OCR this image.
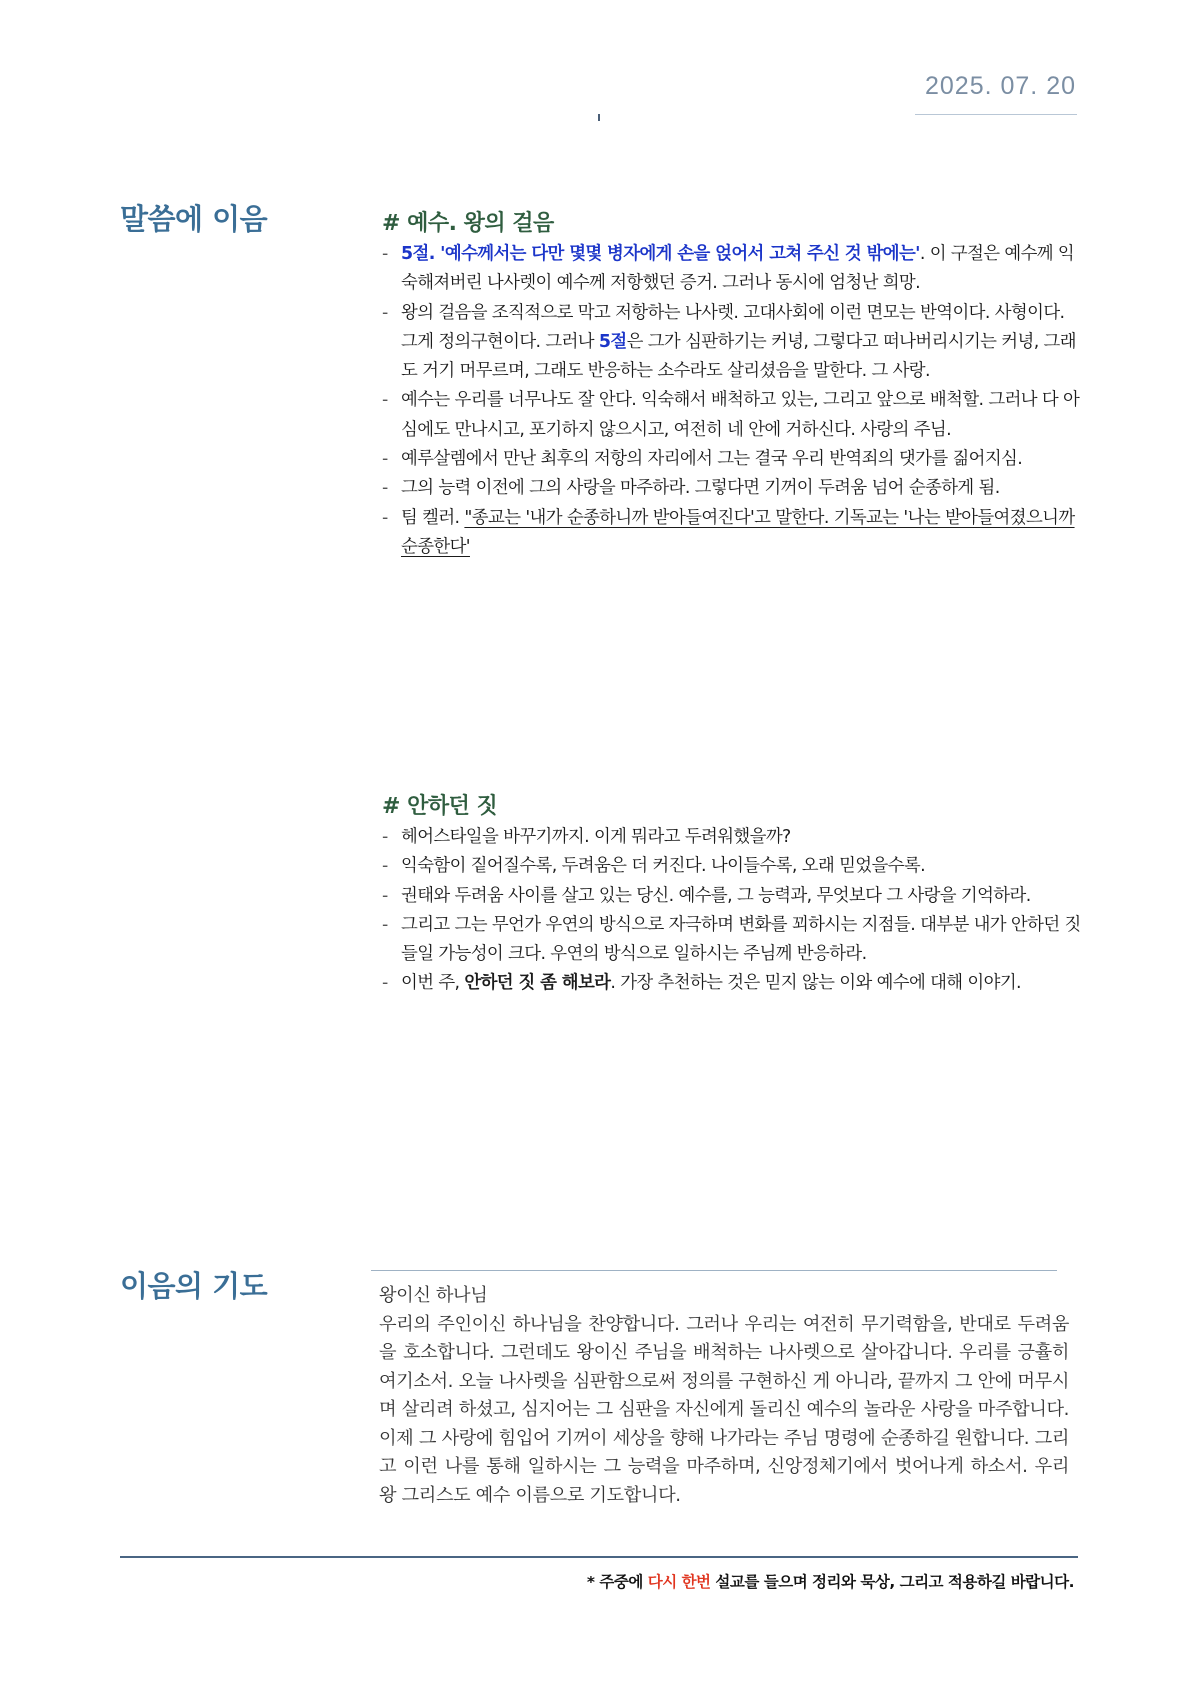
2025. 07. 20
말씀에 이음	# 예수. 왕의 걸음
- 5절. '예수께서는 다만 몇몇 병자에게 손을 얹어서 고쳐 주신 것 밖에는'. 이 구절은 예수께 익숙해져버린 나사렛이 예수께 저항했던 증거. 그러나 동시에 엄청난 희망.
- 왕의 걸음을 조직적으로 막고 저항하는 나사렛. 고대사회에 이런 면모는 반역이다. 사형이다. 그게 정의구현이다. 그러나 5절은 그가 심판하기는 커녕, 그렇다고 떠나버리시기는 커녕, 그래도 거기 머무르며, 그래도 반응하는 소수라도 살리셨음을 말한다. 그 사랑.
- 예수는 우리를 너무나도 잘 안다. 익숙해서 배척하고 있는, 그리고 앞으로 배척할. 그러나 다 아심에도 만나시고, 포기하지 않으시고, 여전히 네 안에 거하신다. 사랑의 주님.
- 예루살렘에서 만난 최후의 저항의 자리에서 그는 결국 우리 반역죄의 댓가를 짊어지심.
- 그의 능력 이전에 그의 사랑을 마주하라. 그렇다면 기꺼이 두려움 넘어 순종하게 됨.
- 팀 켈러. "종교는 '내가 순종하니까 받아들여진다'고 말한다. 기독교는 '나는 받아들여졌으니까 순종한다'
# 안하던 짓
- 헤어스타일을 바꾸기까지. 이게 뭐라고 두려워했을까?
- 익숙함이 짙어질수록, 두려움은 더 커진다. 나이들수록, 오래 믿었을수록.
- 권태와 두려움 사이를 살고 있는 당신. 예수를, 그 능력과, 무엇보다 그 사랑을 기억하라.
- 그리고 그는 무언가 우연의 방식으로 자극하며 변화를 꾀하시는 지점들. 대부분 내가 안하던 짓들일 가능성이 크다. 우연의 방식으로 일하시는 주님께 반응하라.
- 이번 주, 안하던 짓 좀 해보라. 가장 추천하는 것은 믿지 않는 이와 예수에 대해 이야기.
이음의 기도	왕이신 하나님

우리의 주인이신 하나님을 찬양합니다. 그러나 우리는 여전히 무기력함을, 반대로 두려움을 호소합니다. 그런데도 왕이신 주님을 배척하는 나사렛으로 살아갑니다. 우리를 긍휼히 여기소서. 오늘 나사렛을 심판함으로써 정의를 구현하신 게 아니라, 끝까지 그 안에 머무시며 살리려 하셨고, 심지어는 그 심판을 자신에게 돌리신 예수의 놀라운 사랑을 마주합니다. 이제 그 사랑에 힘입어 기꺼이 세상을 향해 나가라는 주님 명령에 순종하길 원합니다. 그리고 이런 나를 통해 일하시는 그 능력을 마주하며, 신앙정체기에서 벗어나게 하소서. 우리 왕 그리스도 예수 이름으로 기도합니다.

* 주중에 다시 한번 설교를 들으며 정리와 묵상, 그리고 적용하길 바랍니다.
